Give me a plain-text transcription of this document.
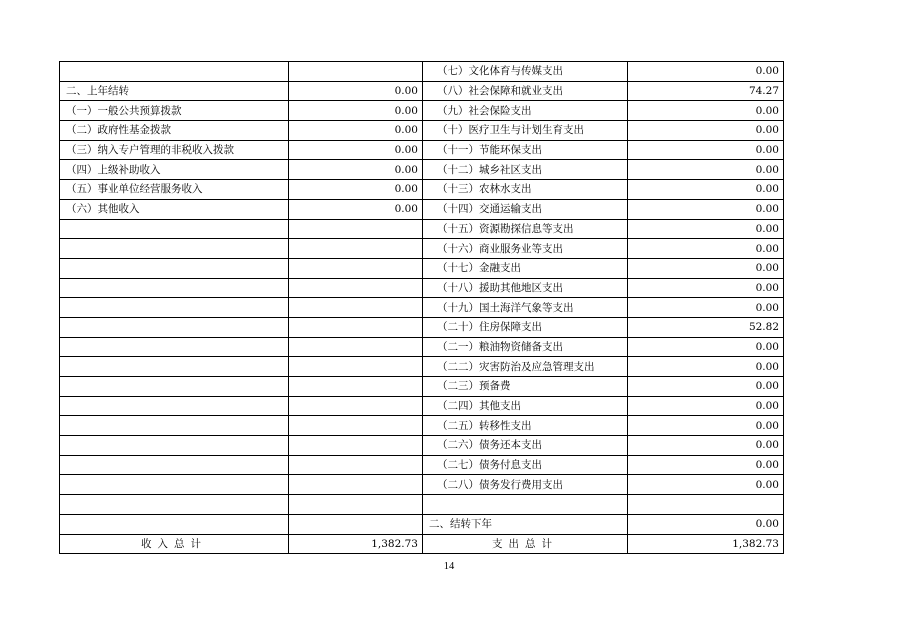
		（七）文化体育与传媒支出	0.00
二、上年结转	0.00	（八）社会保障和就业支出	74.27
（一）一般公共预算拨款	0.00	（九）社会保险支出	0.00
（二）政府性基金拨款	0.00	（十）医疗卫生与计划生育支出	0.00
（三）纳入专户管理的非税收入拨款	0.00	（十一）节能环保支出	0.00
（四）上级补助收入	0.00	（十二）城乡社区支出	0.00
（五）事业单位经营服务收入	0.00	（十三）农林水支出	0.00
（六）其他收入	0.00	（十四）交通运输支出	0.00
		（十五）资源勘探信息等支出	0.00
		（十六）商业服务业等支出	0.00
		（十七）金融支出	0.00
		（十八）援助其他地区支出	0.00
		（十九）国土海洋气象等支出	0.00
		（二十）住房保障支出	52.82
		（二一）粮油物资储备支出	0.00
		（二二）灾害防治及应急管理支出	0.00
		（二三）预备费	0.00
		（二四）其他支出	0.00
		（二五）转移性支出	0.00
		（二六）债务还本支出	0.00
		（二七）债务付息支出	0.00
		（二八）债务发行费用支出	0.00

		二、结转下年	0.00
收入总计	1,382.73	支出总计	1,382.73
14
